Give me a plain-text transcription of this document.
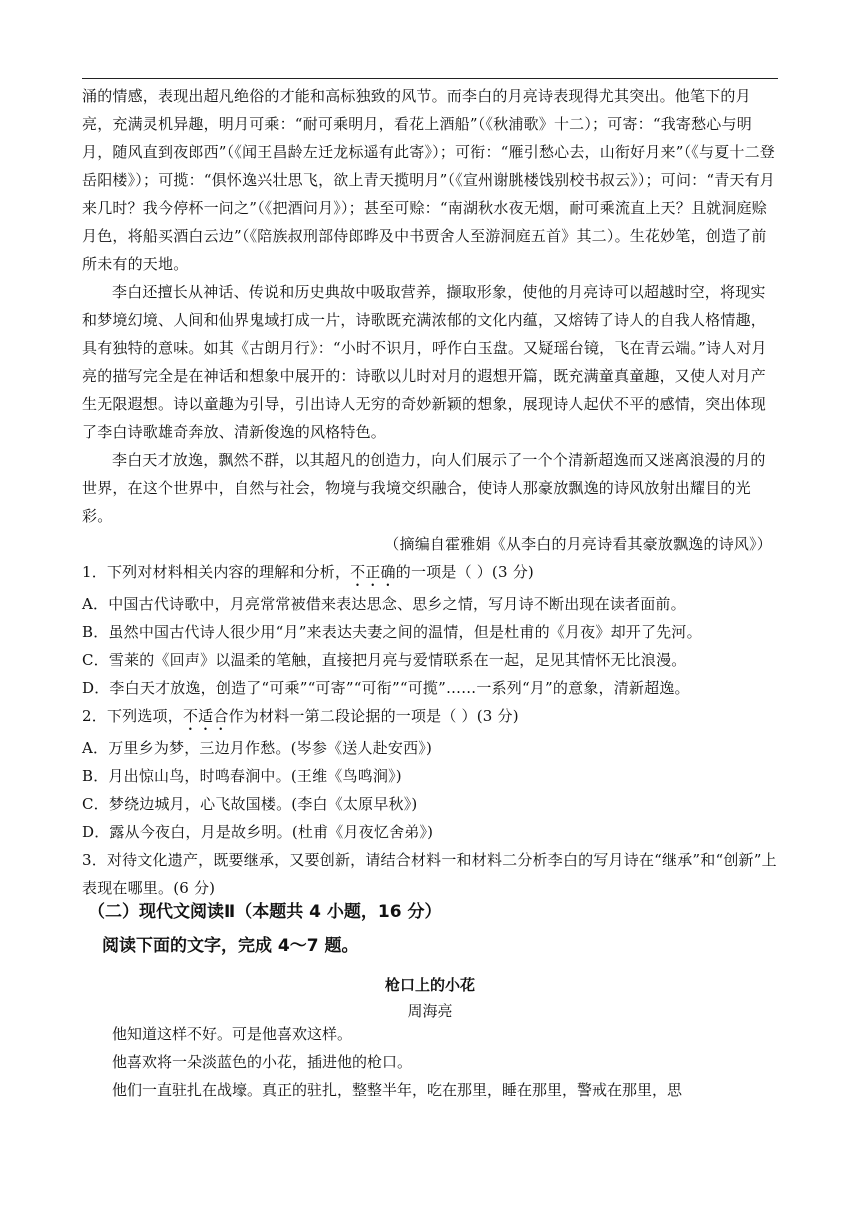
涌的情感，表现出超凡绝俗的才能和高标独致的风节。而李白的月亮诗表现得尤其突出。他笔下的月亮，充满灵机异趣，明月可乘：“耐可乘明月，看花上酒船”（《秋浦歌》十二）；可寄：“我寄愁心与明月，随风直到夜郎西”（《闻王昌龄左迁龙标遥有此寄》）；可衔：“雁引愁心去，山衔好月来”（《与夏十二登岳阳楼》）；可揽：“俱怀逸兴壮思飞，欲上青天揽明月”（《宣州谢朓楼饯别校书叔云》）；可问：“青天有月来几时？我今停杯一问之”（《把酒问月》）；甚至可赊：“南湖秋水夜无烟，耐可乘流直上天？且就洞庭赊月色，将船买酒白云边”（《陪族叔刑部侍郎晔及中书贾舍人至游洞庭五首》其二）。生花妙笔，创造了前所未有的天地。

李白还擅长从神话、传说和历史典故中吸取营养，撷取形象，使他的月亮诗可以超越时空，将现实和梦境幻境、人间和仙界鬼域打成一片，诗歌既充满浓郁的文化内蕴，又熔铸了诗人的自我人格情趣，具有独特的意味。如其《古朗月行》：“小时不识月，呼作白玉盘。又疑瑶台镜，飞在青云端。”诗人对月亮的描写完全是在神话和想象中展开的：诗歌以儿时对月的遐想开篇，既充满童真童趣，又使人对月产生无限遐想。诗以童趣为引导，引出诗人无穷的奇妙新颖的想象，展现诗人起伏不平的感情，突出体现了李白诗歌雄奇奔放、清新俊逸的风格特色。

李白天才放逸，飘然不群，以其超凡的创造力，向人们展示了一个个清新超逸而又迷离浪漫的月的世界，在这个世界中，自然与社会，物境与我境交织融合，使诗人那豪放飘逸的诗风放射出耀目的光彩。

（摘编自霍雅娟《从李白的月亮诗看其豪放飘逸的诗风》）

1．下列对材料相关内容的理解和分析，不正确的一项是（ ）(3 分)

A．中国古代诗歌中，月亮常常被借来表达思念、思乡之情，写月诗不断出现在读者面前。

B．虽然中国古代诗人很少用“月”来表达夫妻之间的温情，但是杜甫的《月夜》却开了先河。

C．雪莱的《回声》以温柔的笔触，直接把月亮与爱情联系在一起，足见其情怀无比浪漫。

D．李白天才放逸，创造了“可乘”“可寄”“可衔”“可揽”……一系列“月”的意象，清新超逸。

2．下列选项，不适合作为材料一第二段论据的一项是（ ）(3 分)

A．万里乡为梦，三边月作愁。(岑参《送人赴安西》)

B．月出惊山鸟，时鸣春涧中。(王维《鸟鸣涧》)

C．梦绕边城月，心飞故国楼。(李白《太原早秋》)

D．露从今夜白，月是故乡明。(杜甫《月夜忆舍弟》)

3．对待文化遗产，既要继承，又要创新，请结合材料一和材料二分析李白的写月诗在“继承”和“创新”上表现在哪里。(6 分)

（二）现代文阅读Ⅱ（本题共 4 小题，16 分）
阅读下面的文字，完成 4～7 题。
枪口上的小花
周海亮

他知道这样不好。可是他喜欢这样。

他喜欢将一朵淡蓝色的小花，插进他的枪口。

他们一直驻扎在战壕。真正的驻扎，整整半年，吃在那里，睡在那里，警戒在那里，思
